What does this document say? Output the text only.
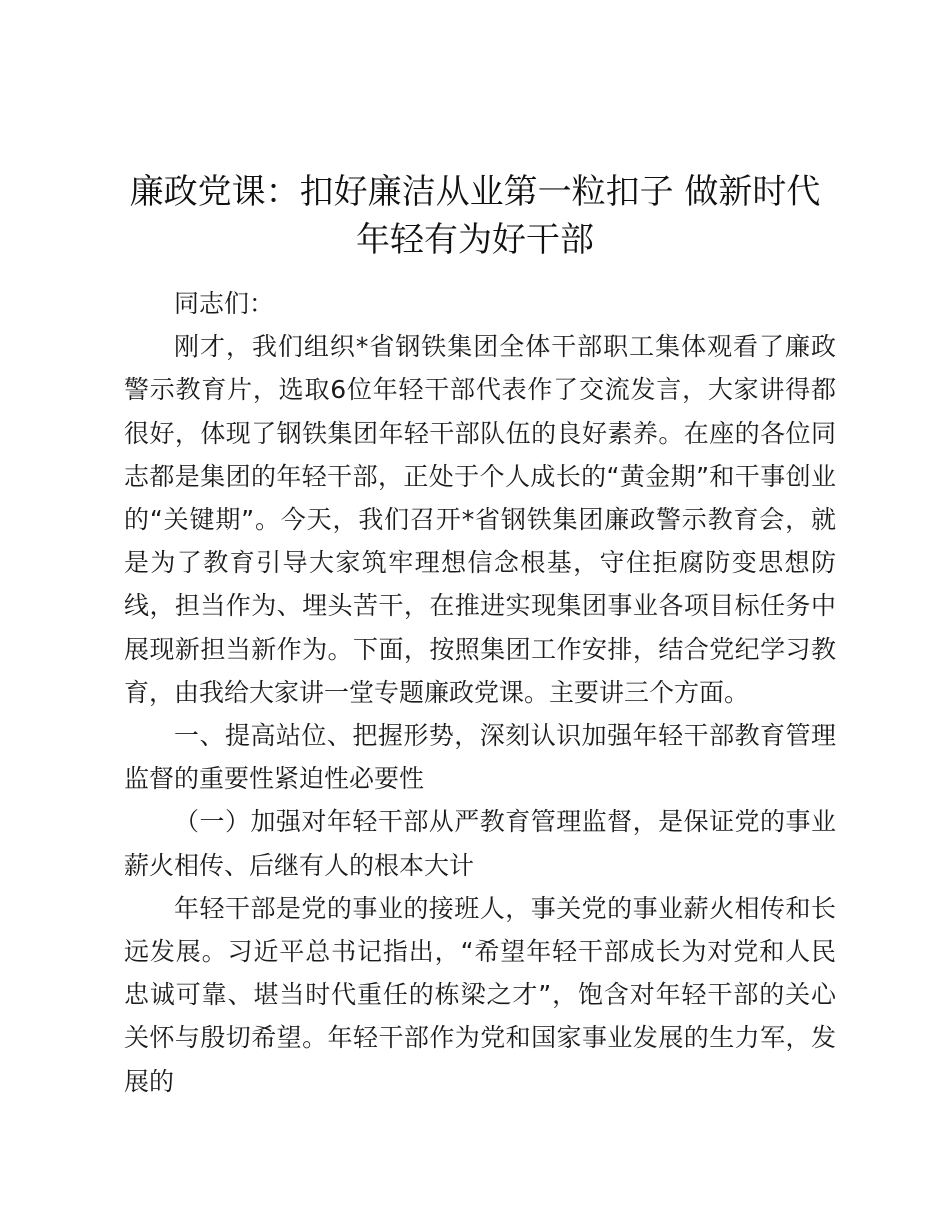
廉政党课：扣好廉洁从业第一粒扣子 做新时代
年轻有为好干部

同志们：

刚才，我们组织*省钢铁集团全体干部职工集体观看了廉政警示教育片，选取6位年轻干部代表作了交流发言，大家讲得都很好，体现了钢铁集团年轻干部队伍的良好素养。在座的各位同志都是集团的年轻干部，正处于个人成长的“黄金期”和干事创业的“关键期”。今天，我们召开*省钢铁集团廉政警示教育会，就是为了教育引导大家筑牢理想信念根基，守住拒腐防变思想防线，担当作为、埋头苦干，在推进实现集团事业各项目标任务中展现新担当新作为。下面，按照集团工作安排，结合党纪学习教育，由我给大家讲一堂专题廉政党课。主要讲三个方面。

一、提高站位、把握形势，深刻认识加强年轻干部教育管理监督的重要性紧迫性必要性

（一）加强对年轻干部从严教育管理监督，是保证党的事业薪火相传、后继有人的根本大计

年轻干部是党的事业的接班人，事关党的事业薪火相传和长远发展。习近平总书记指出，“希望年轻干部成长为对党和人民忠诚可靠、堪当时代重任的栋梁之才”，饱含对年轻干部的关心关怀与殷切希望。年轻干部作为党和国家事业发展的生力军，发展的
